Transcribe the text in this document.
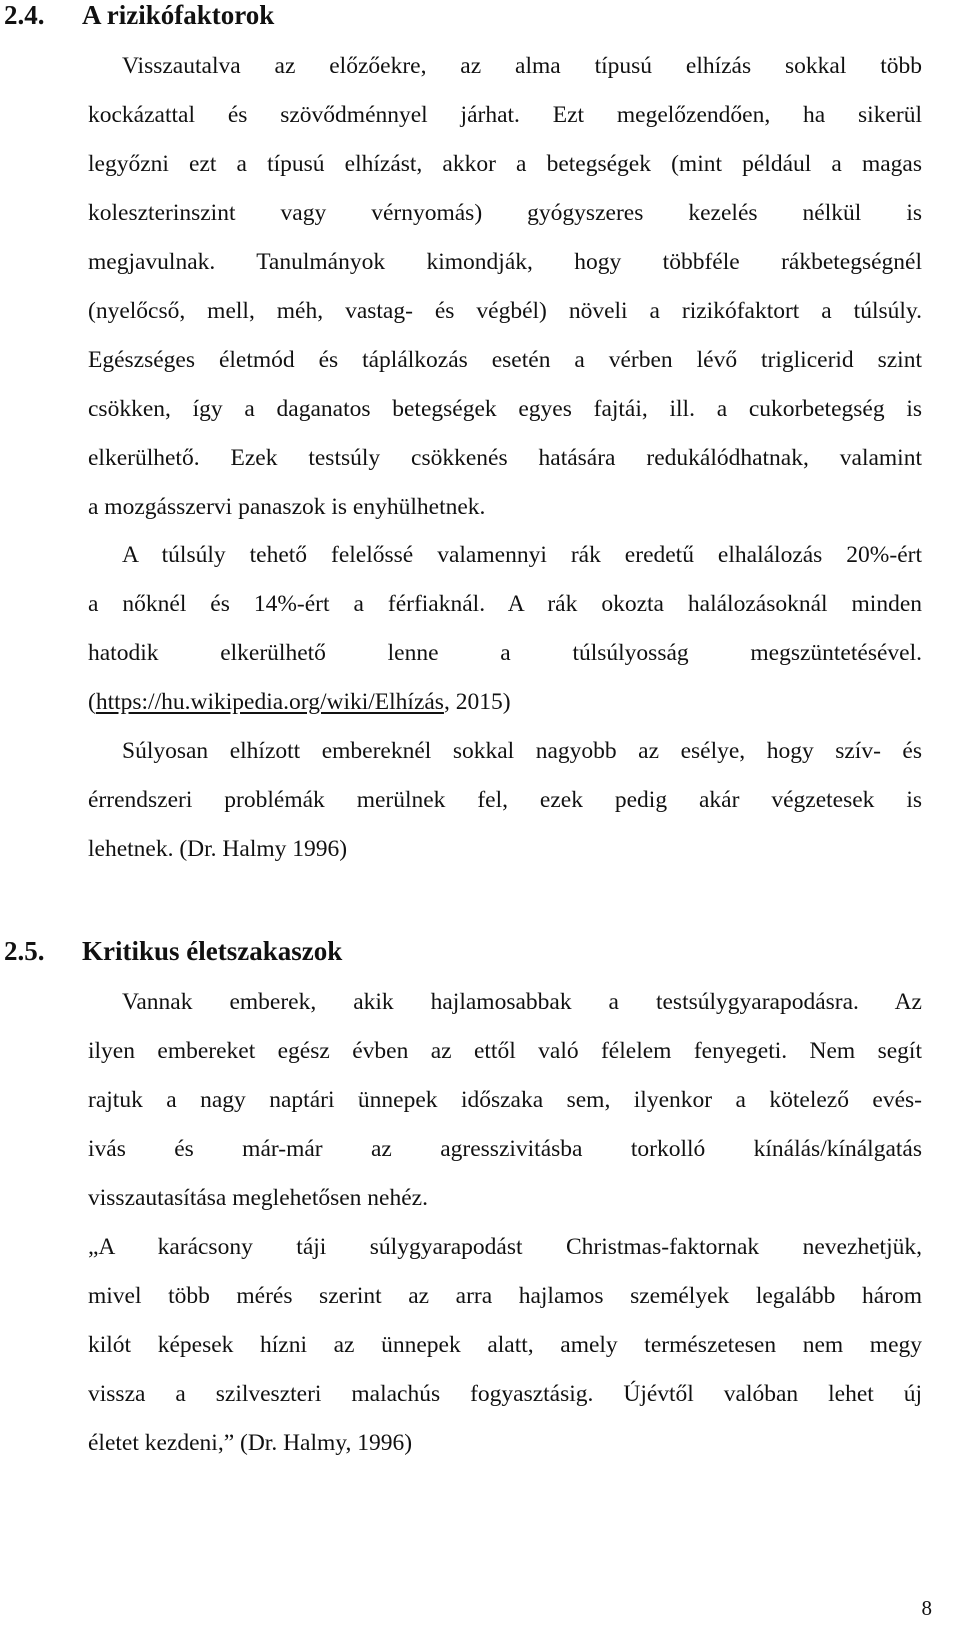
2.4. A rizikófaktorok
Visszautalva az előzőekre, az alma típusú elhízás sokkal több
kockázattal és szövődménnyel járhat. Ezt megelőzendően, ha sikerül
legyőzni ezt a típusú elhízást, akkor a betegségek (mint például a magas
koleszterinszint vagy vérnyomás) gyógyszeres kezelés nélkül is
megjavulnak. Tanulmányok kimondják, hogy többféle rákbetegségnél
(nyelőcső, mell, méh, vastag- és végbél) növeli a rizikófaktort a túlsúly.
Egészséges életmód és táplálkozás esetén a vérben lévő triglicerid szint
csökken, így a daganatos betegségek egyes fajtái, ill. a cukorbetegség is
elkerülhető. Ezek testsúly csökkenés hatására redukálódhatnak, valamint
a mozgásszervi panaszok is enyhülhetnek.
A túlsúly tehető felelőssé valamennyi rák eredetű elhalálozás 20%-ért
a nőknél és 14%-ért a férfiaknál. A rák okozta halálozásoknál minden
hatodik elkerülhető lenne a túlsúlyosság megszüntetésével.
(https://hu.wikipedia.org/wiki/Elhízás, 2015)
Súlyosan elhízott embereknél sokkal nagyobb az esélye, hogy szív- és
érrendszeri problémák merülnek fel, ezek pedig akár végzetesek is
lehetnek. (Dr. Halmy 1996)
2.5. Kritikus életszakaszok
Vannak emberek, akik hajlamosabbak a testsúlygyarapodásra. Az
ilyen embereket egész évben az ettől való félelem fenyegeti. Nem segít
rajtuk a nagy naptári ünnepek időszaka sem, ilyenkor a kötelező evés-
ivás és már-már az agresszivitásba torkolló kínálás/kínálgatás
visszautasítása meglehetősen nehéz.
„A karácsony táji súlygyarapodást Christmas-faktornak nevezhetjük,
mivel több mérés szerint az arra hajlamos személyek legalább három
kilót képesek hízni az ünnepek alatt, amely természetesen nem megy
vissza a szilveszteri malachús fogyasztásig. Újévtől valóban lehet új
életet kezdeni,” (Dr. Halmy, 1996)
8
